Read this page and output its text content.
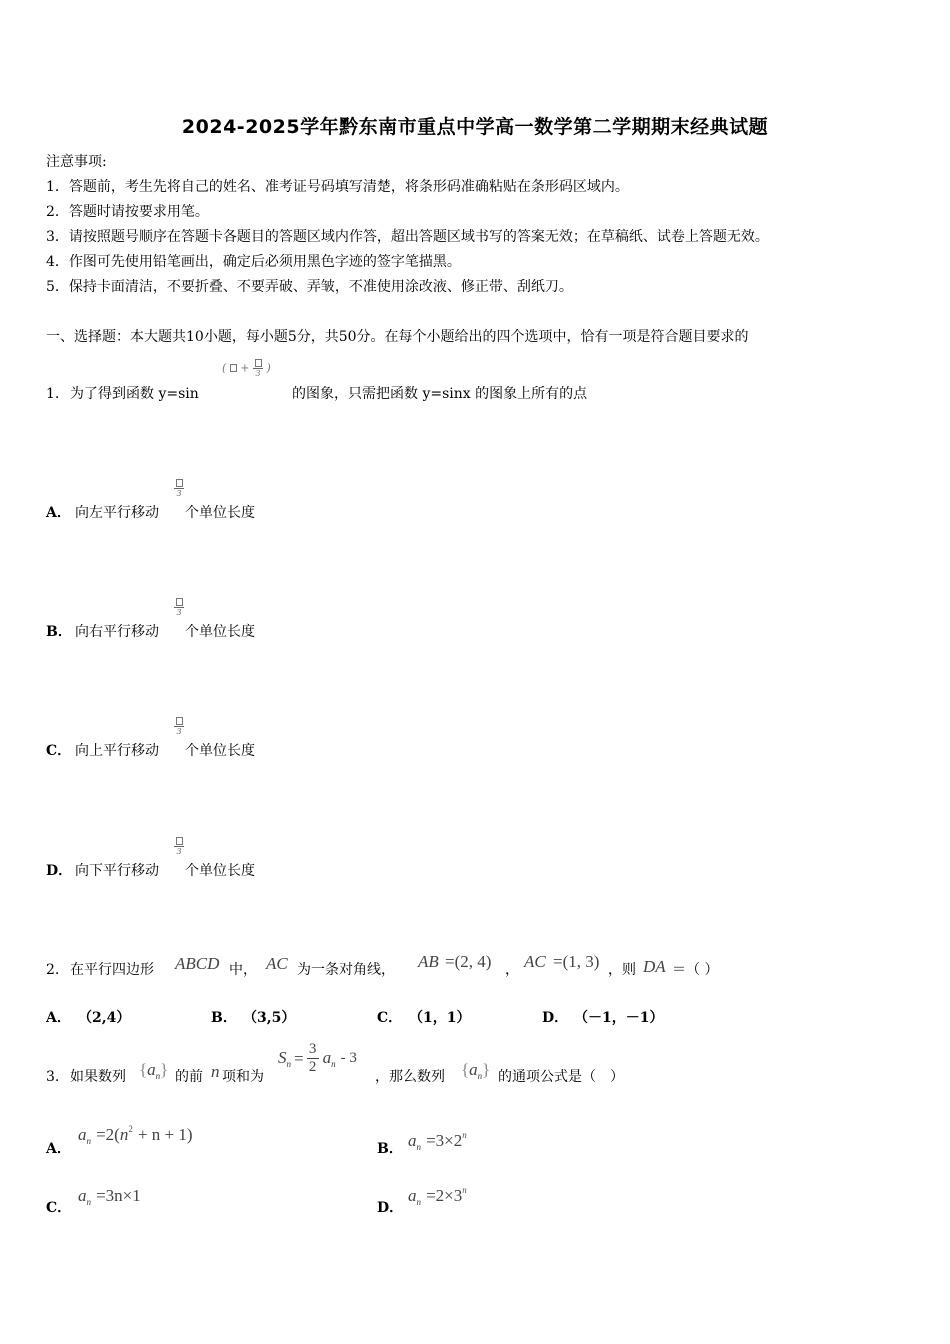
2024-2025学年黔东南市重点中学高一数学第二学期期末经典试题
注意事项:
1．答题前，考生先将自己的姓名、准考证号码填写清楚，将条形码准确粘贴在条形码区域内。
2．答题时请按要求用笔。
3．请按照题号顺序在答题卡各题目的答题区域内作答，超出答题区域书写的答案无效；在草稿纸、试卷上答题无效。
4．作图可先使用铅笔画出，确定后必须用黑色字迹的签字笔描黑。
5．保持卡面清洁，不要折叠、不要弄破、弄皱，不准使用涂改液、修正带、刮纸刀。
一、选择题：本大题共10小题，每小题5分，共50分。在每个小题给出的四个选项中，恰有一项是符合题目要求的
1. 为了得到函数 y=sin
(  + 3 )
的图象，只需把函数 y=sinx 的图象上所有的点
A． 向左平行移动
3
个单位长度
B． 向右平行移动
3
个单位长度
C． 向上平行移动
3
个单位长度
D． 向下平行移动
3
个单位长度
2. 在平行四边形 ABCD 中， AC 为一条对角线， AB =(2, 4) ， AC =(1, 3) ，则 DA ＝（ ）
A． （2,4）	B． （3,5）	C． （1，1）	D． （－1，－1）
3. 如果数列 $\{a_n\}$ 的前 n 项和为
$S_n = \frac{3}{2} a_n - 3$
，那么数列 $\{a_n\}$ 的通项公式是（　）
A．
$a_n =2(n^2 + n + 1)$
B． $a_n =3\times 2^n$
C．
$a_n =3n\times 1$
D．
$a_n =2\times 3^n$
